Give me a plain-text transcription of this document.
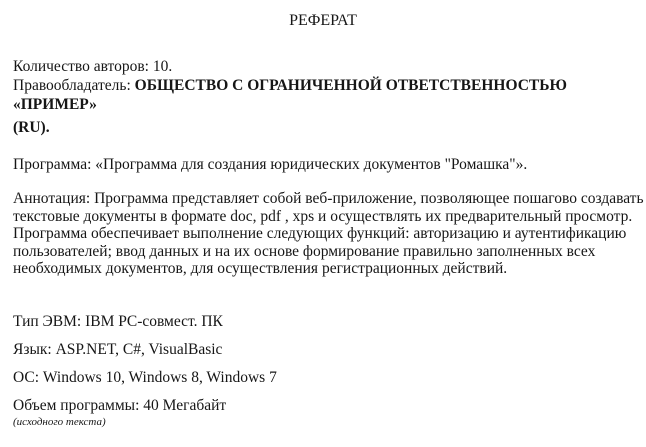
РЕФЕРАТ
Количество авторов: 10.
Правообладатель: ОБЩЕСТВО С ОГРАНИЧЕННОЙ ОТВЕТСТВЕННОСТЬЮ «ПРИМЕР»
(RU).
Программа: «Программа для создания юридических документов "Ромашка"».
Аннотация: Программа представляет собой веб-приложение, позволяющее пошагово создавать
текстовые документы в формате doc, pdf , xps и осуществлять их предварительный просмотр.
Программа обеспечивает выполнение следующих функций: авторизацию и аутентификацию
пользователей; ввод данных и на их основе формирование правильно заполненных всех
необходимых документов, для осуществления регистрационных действий.
Тип ЭВМ: IBM PC-совмест. ПК
Язык: ASP.NET, C#, VisualBasic
ОС: Windows 10, Windows 8, Windows 7
Объем программы: 40 Мегабайт
(исходного текста)
